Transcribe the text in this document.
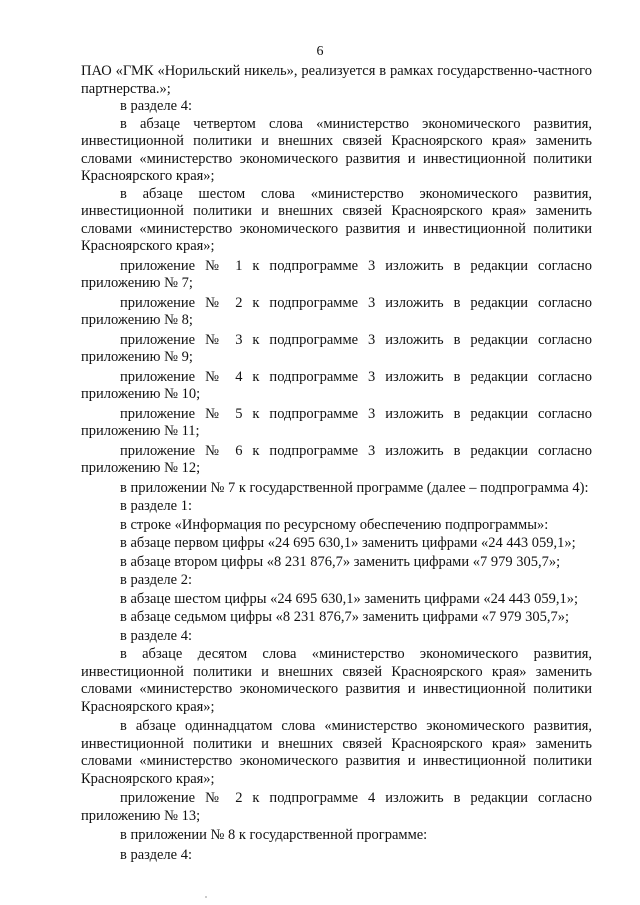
6

ПАО «ГМК «Норильский никель», реализуется в рамках государственно-частного партнерства.»;

в разделе 4:

в абзаце четвертом слова «министерство экономического развития, инвестиционной политики и внешних связей Красноярского края» заменить словами «министерство экономического развития и инвестиционной политики Красноярского края»;

в абзаце шестом слова «министерство экономического развития, инвестиционной политики и внешних связей Красноярского края» заменить словами «министерство экономического развития и инвестиционной политики Красноярского края»;

приложение № 1 к подпрограмме 3 изложить в редакции согласно приложению № 7;

приложение № 2 к подпрограмме 3 изложить в редакции согласно приложению № 8;

приложение № 3 к подпрограмме 3 изложить в редакции согласно приложению № 9;

приложение № 4 к подпрограмме 3 изложить в редакции согласно приложению № 10;

приложение № 5 к подпрограмме 3 изложить в редакции согласно приложению № 11;

приложение № 6 к подпрограмме 3 изложить в редакции согласно приложению № 12;

в приложении № 7 к государственной программе (далее – подпрограмма 4):

в разделе 1:

в строке «Информация по ресурсному обеспечению подпрограммы»:

в абзаце первом цифры «24 695 630,1» заменить цифрами «24 443 059,1»;

в абзаце втором цифры «8 231 876,7» заменить цифрами «7 979 305,7»;

в разделе 2:

в абзаце шестом цифры «24 695 630,1» заменить цифрами «24 443 059,1»;

в абзаце седьмом цифры «8 231 876,7» заменить цифрами «7 979 305,7»;

в разделе 4:

в абзаце десятом слова «министерство экономического развития, инвестиционной политики и внешних связей Красноярского края» заменить словами «министерство экономического развития и инвестиционной политики Красноярского края»;

в абзаце одиннадцатом слова «министерство экономического развития, инвестиционной политики и внешних связей Красноярского края» заменить словами «министерство экономического развития и инвестиционной политики Красноярского края»;

приложение № 2 к подпрограмме 4 изложить в редакции согласно приложению № 13;

в приложении № 8 к государственной программе:

в разделе 4:
